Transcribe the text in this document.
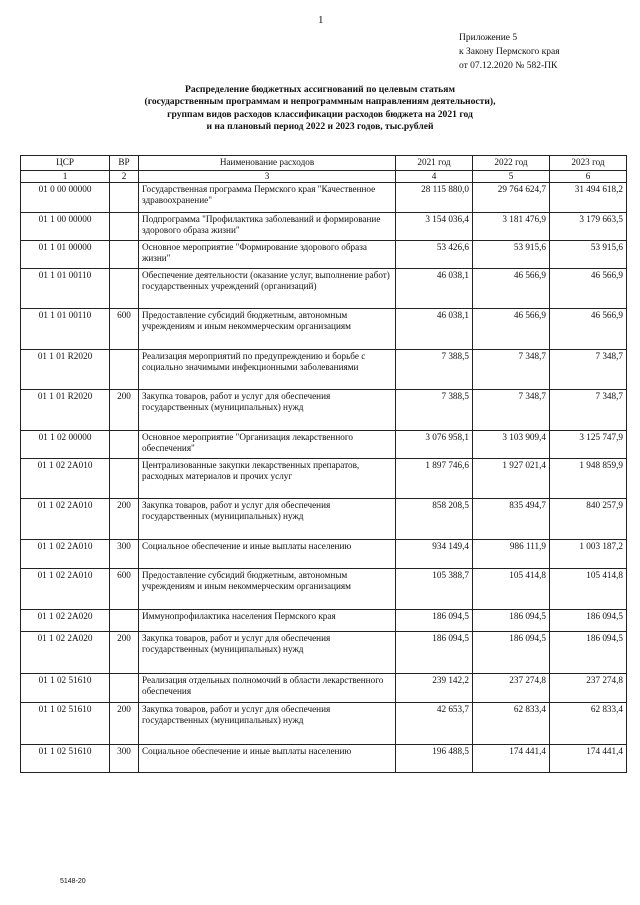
1
Приложение 5
к Закону Пермского края
от 07.12.2020 № 582-ПК
Распределение бюджетных ассигнований по целевым статьям
(государственным программам и непрограммным направлениям деятельности),
группам видов расходов классификации расходов бюджета на 2021 год
и на плановый период 2022 и 2023 годов, тыс.рублей
ЦСР	ВР	Наименование расходов	2021 год	2022 год	2023 год
1	2	3	4	5	6
01 0 00 00000		Государственная программа Пермского края "Качественное здравоохранение"	28 115 880,0	29 764 624,7	31 494 618,2
01 1 00 00000		Подпрограмма "Профилактика заболеваний и формирование здорового образа жизни"	3 154 036,4	3 181 476,9	3 179 663,5
01 1 01 00000		Основное мероприятие "Формирование здорового образа жизни"	53 426,6	53 915,6	53 915,6
01 1 01 00110		Обеспечение деятельности (оказание услуг, выполнение работ) государственных учреждений (организаций)	46 038,1	46 566,9	46 566,9
01 1 01 00110	600	Предоставление субсидий бюджетным, автономным учреждениям и иным некоммерческим организациям	46 038,1	46 566,9	46 566,9
01 1 01 R2020		Реализация мероприятий по предупреждению и борьбе с социально значимыми инфекционными заболеваниями	7 388,5	7 348,7	7 348,7
01 1 01 R2020	200	Закупка товаров, работ и услуг для обеспечения государственных (муниципальных) нужд	7 388,5	7 348,7	7 348,7
01 1 02 00000		Основное мероприятие "Организация лекарственного обеспечения"	3 076 958,1	3 103 909,4	3 125 747,9
01 1 02 2А010		Централизованные закупки лекарственных препаратов, расходных материалов и прочих услуг	1 897 746,6	1 927 021,4	1 948 859,9
01 1 02 2А010	200	Закупка товаров, работ и услуг для обеспечения государственных (муниципальных) нужд	858 208,5	835 494,7	840 257,9
01 1 02 2А010	300	Социальное обеспечение и иные выплаты населению	934 149,4	986 111,9	1 003 187,2
01 1 02 2А010	600	Предоставление субсидий бюджетным, автономным учреждениям и иным некоммерческим организациям	105 388,7	105 414,8	105 414,8
01 1 02 2А020		Иммунопрофилактика населения Пермского края	186 094,5	186 094,5	186 094,5
01 1 02 2А020	200	Закупка товаров, работ и услуг для обеспечения государственных (муниципальных) нужд	186 094,5	186 094,5	186 094,5
01 1 02 51610		Реализация отдельных полномочий в области лекарственного обеспечения	239 142,2	237 274,8	237 274,8
01 1 02 51610	200	Закупка товаров, работ и услуг для обеспечения государственных (муниципальных) нужд	42 653,7	62 833,4	62 833,4
01 1 02 51610	300	Социальное обеспечение и иные выплаты населению	196 488,5	174 441,4	174 441,4
5148-20
